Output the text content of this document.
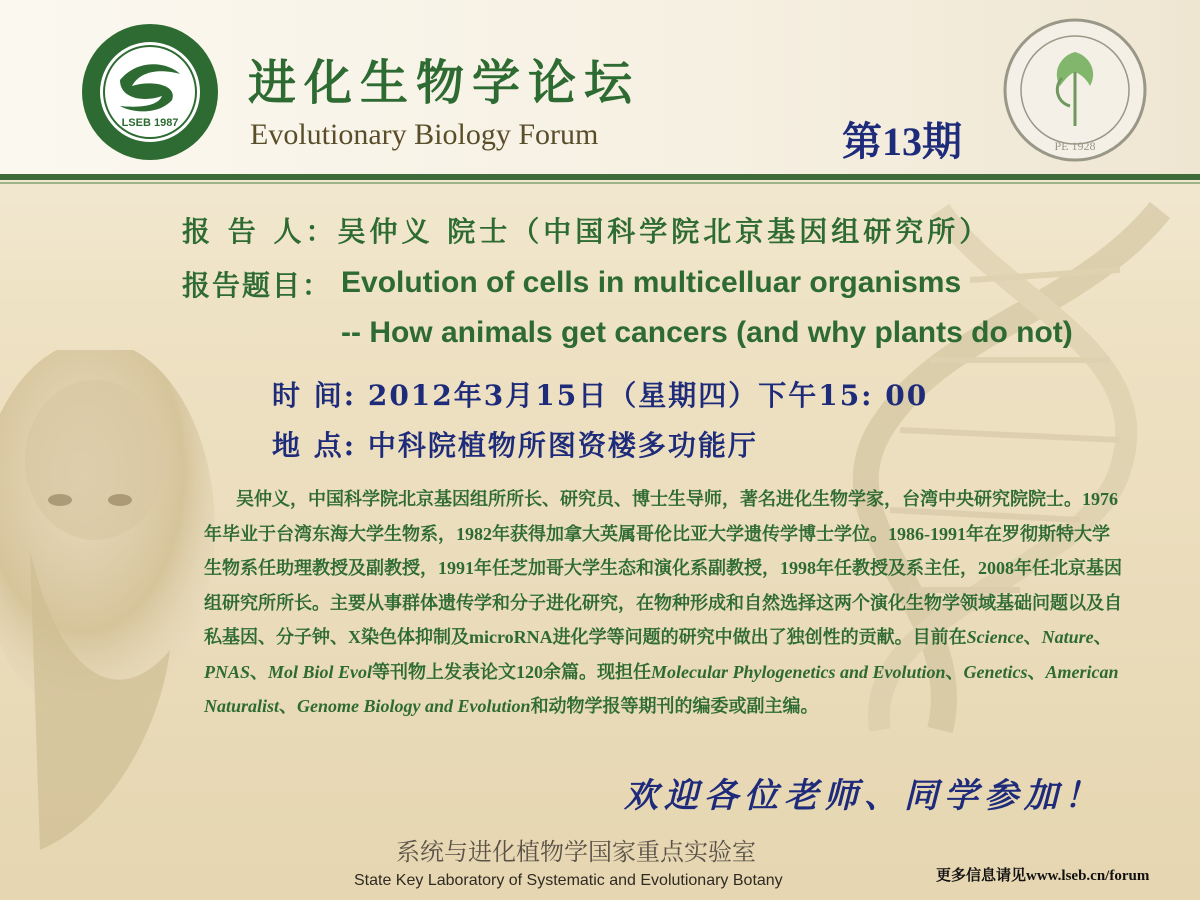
LSEB 1987
PE 1928
进化生物学论坛
Evolutionary Biology Forum	第13期
报 告 人：吴仲义 院士（中国科学院北京基因组研究所）
报告题目： Evolution of cells in multicelluar organisms
-- How animals get cancers (and why plants do not)
时 间: 2012年3月15日（星期四）下午15: 00
地 点: 中科院植物所图资楼多功能厅
吴仲义，中国科学院北京基因组所所长、研究员、博士生导师，著名进化生物学家，台湾中央研究院院士。1976年毕业于台湾东海大学生物系，1982年获得加拿大英属哥伦比亚大学遗传学博士学位。1986-1991年在罗彻斯特大学生物系任助理教授及副教授，1991年任芝加哥大学生态和演化系副教授，1998年任教授及系主任，2008年任北京基因组研究所所长。主要从事群体遗传学和分子进化研究，在物种形成和自然选择这两个演化生物学领域基础问题以及自私基因、分子钟、X染色体抑制及microRNA进化学等问题的研究中做出了独创性的贡献。目前在Science、Nature、PNAS、Mol Biol Evol等刊物上发表论文120余篇。现担任Molecular Phylogenetics and Evolution、Genetics、American Naturalist、Genome Biology and Evolution和动物学报等期刊的编委或副主编。
欢迎各位老师、同学参加！
系统与进化植物学国家重点实验室
State Key Laboratory of Systematic and Evolutionary Botany	更多信息请见www.lseb.cn/forum
